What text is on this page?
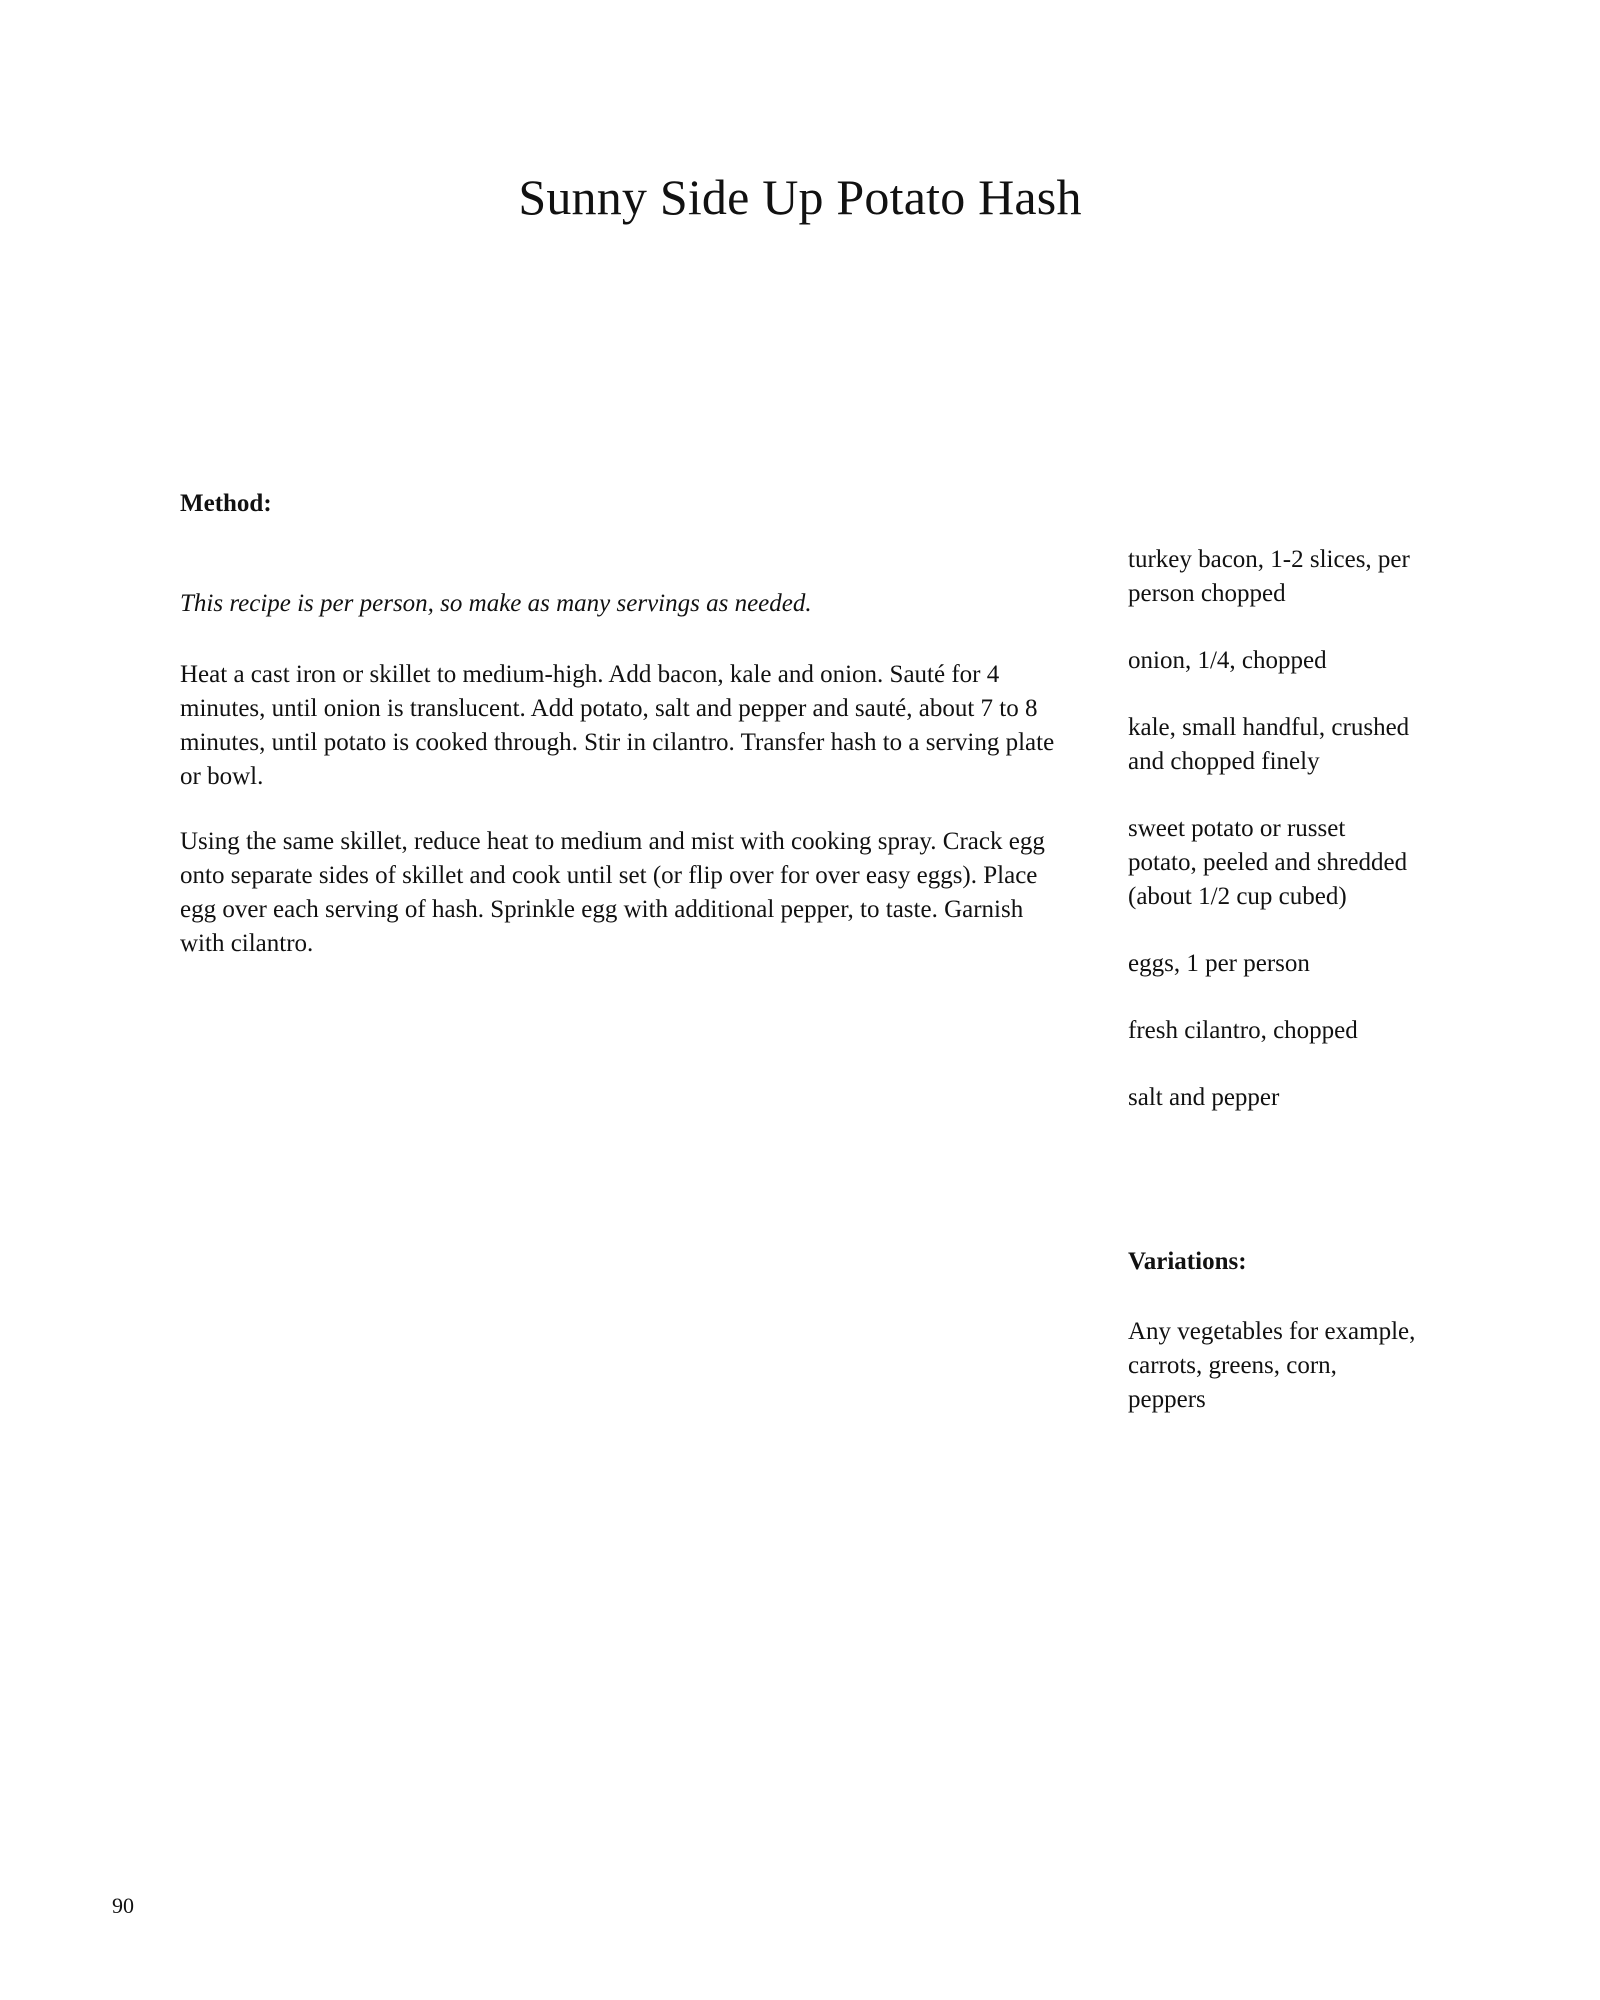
Sunny Side Up Potato Hash
Method:

This recipe is per person, so make as many servings as needed.

Heat a cast iron or skillet to medium-high. Add bacon, kale and onion. Sauté for 4 minutes, until onion is translucent. Add potato, salt and pepper and sauté, about 7 to 8 minutes, until potato is cooked through. Stir in cilantro. Transfer hash to a serving plate or bowl.

Using the same skillet, reduce heat to medium and mist with cooking spray. Crack egg onto separate sides of skillet and cook until set (or flip over for over easy eggs). Place egg over each serving of hash. Sprinkle egg with additional pepper, to taste. Garnish with cilantro.

turkey bacon, 1-2 slices, per person chopped
onion, 1/4, chopped
kale, small handful, crushed and chopped finely
sweet potato or russet potato, peeled and shredded (about 1/2 cup cubed)
eggs, 1 per person
fresh cilantro, chopped
salt and pepper
Variations:

Any vegetables for example, carrots, greens, corn, peppers

90
